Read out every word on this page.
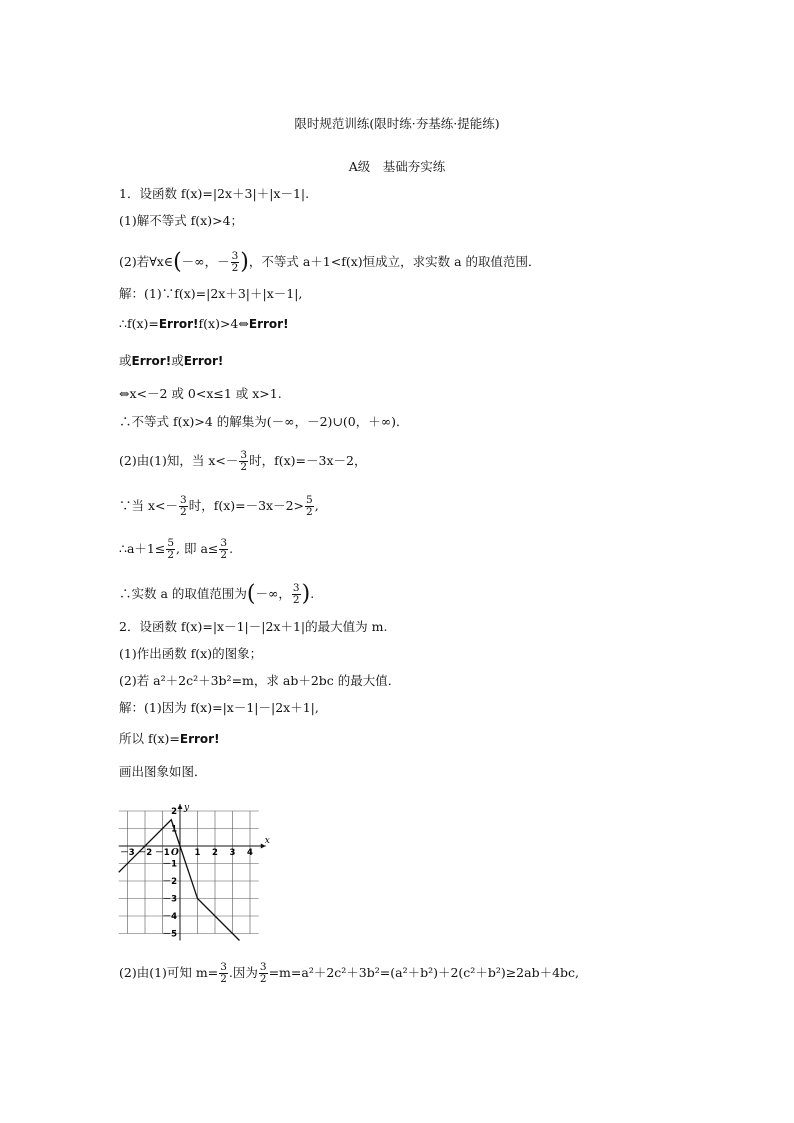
限时规范训练(限时练·夯基练·提能练)
A级　基础夯实练
1．设函数 f(x)=|2x＋3|＋|x－1|.
(1)解不等式 f(x)>4；
(2)若∀x∈(－∞，－ $\frac{3}{2}$ )，不等式 a＋1<f(x)恒成立，求实数 a 的取值范围．
解：(1)∵f(x)=|2x＋3|＋|x－1|,
∴f(x)=Error!f(x)>4⇔Error!
或Error!或Error!
⇔x<－2 或 0<x≤1 或 x>1.
∴不等式 f(x)>4 的解集为(－∞，－2)∪(0，＋∞)．
(2)由(1)知，当 $x<- \frac{3}{2}$ 时，f(x)=－3x－2，
∵当 $x<- \frac{3}{2}$ 时，$f(x)=-3x-2> \frac{5}{2}$ ,
∴a＋1≤ $\frac{5}{2}$ , 即 $a\le \frac{3}{2}$ .
∴实数 a 的取值范围为(－∞， $\frac{3}{2}$ ).
2．设函数 f(x)=|x－1|－|2x＋1|的最大值为 m.
(1)作出函数 f(x)的图象；
(2)若 a²＋2c²＋3b²=m，求 ab＋2bc 的最大值．
解：(1)因为 f(x)=|x－1|－|2x＋1|,
所以 f(x)=Error!
画出图象如图．
x
y
O
－3 －2 －1	1 2 3 4
2
1
－1
－2
－3
－4
－5
(2)由(1)可知 $m= \frac{3}{2}$ .因为 $\frac{3}{2} =m=a^2+2c^2+3b^2=(a^2+b^2)+2(c^2+b^2)\ge 2ab+4bc$,
